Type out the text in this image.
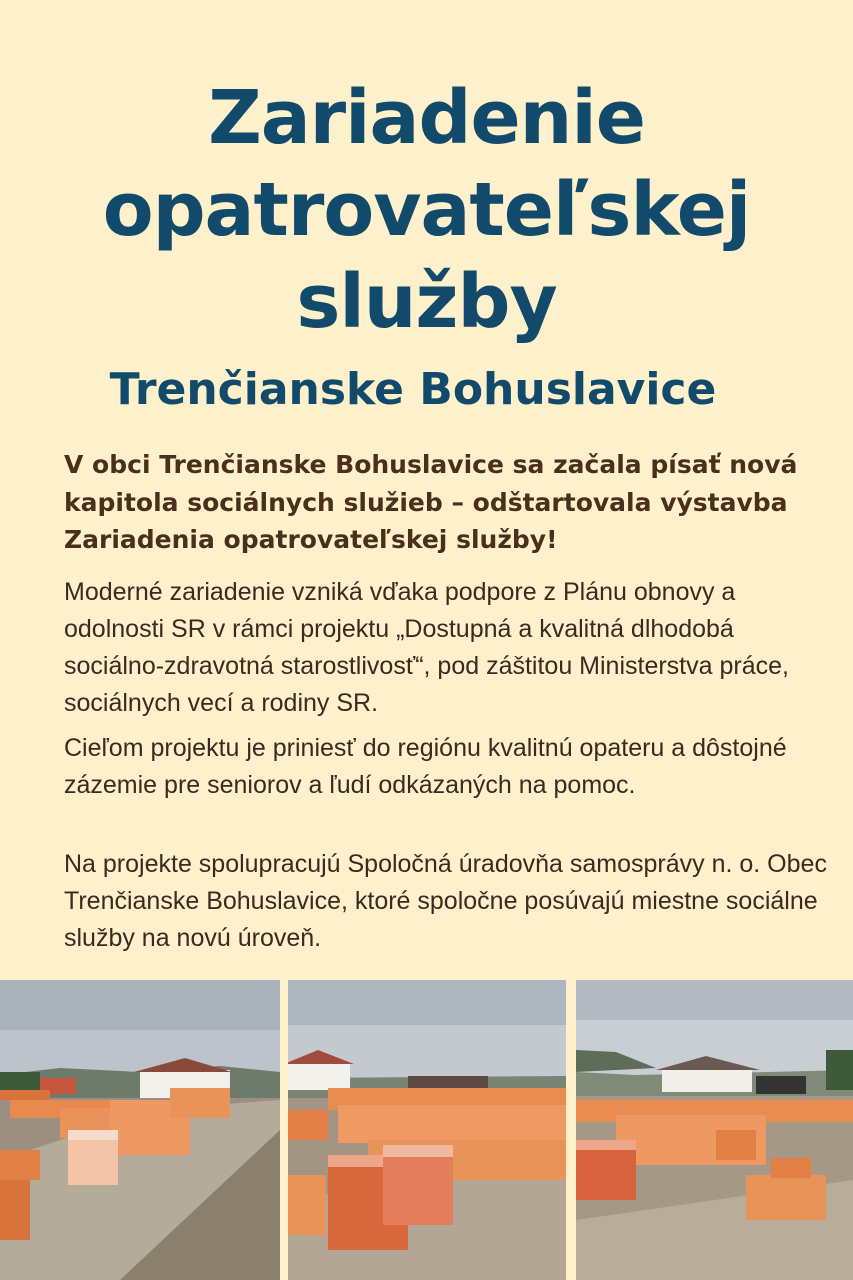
Zariadenie
opatrovateľskej
služby
Trenčianske Bohuslavice

V obci Trenčianske Bohuslavice sa začala písať nová kapitola sociálnych služieb – odštartovala výstavba Zariadenia opatrovateľskej služby!

Moderné zariadenie vzniká vďaka podpore z Plánu obnovy a odolnosti SR v rámci projektu „Dostupná a kvalitná dlhodobá sociálno-zdravotná starostlivosť“, pod záštitou Ministerstva práce, sociálnych vecí a rodiny SR.

Cieľom projektu je priniesť do regiónu kvalitnú opateru a dôstojné zázemie pre seniorov a ľudí odkázaných na pomoc.

Na projekte spolupracujú Spoločná úradovňa samosprávy n. o. Obec Trenčianske Bohuslavice, ktoré spoločne posúvajú miestne sociálne služby na novú úroveň.
